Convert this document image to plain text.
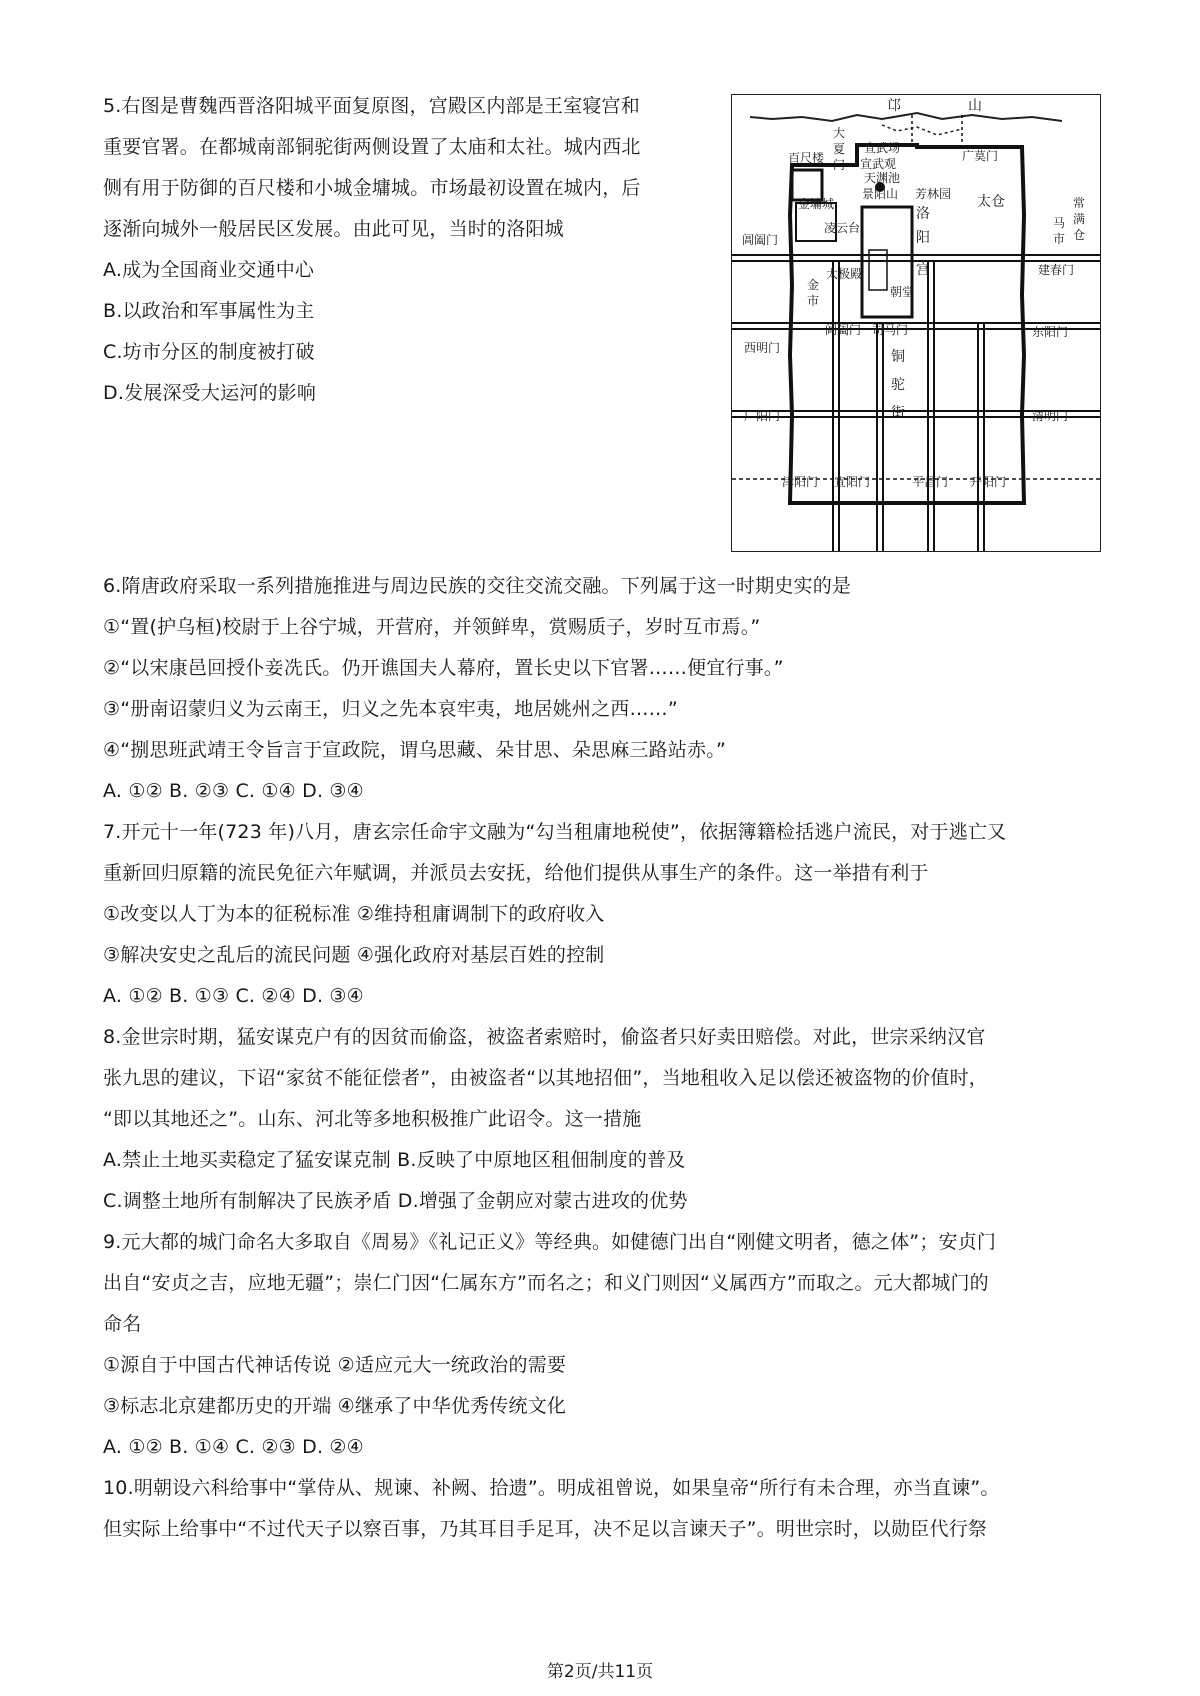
5.右图是曹魏西晋洛阳城平面复原图，宫殿区内部是王室寝宫和
重要官署。在都城南部铜驼街两侧设置了太庙和太社。城内西北
侧有用于防御的百尺楼和小城金墉城。市场最初设置在城内，后
逐渐向城外一般居民区发展。由此可见，当时的洛阳城
A.成为全国商业交通中心
B.以政治和军事属性为主
C.坊市分区的制度被打破
D.发展深受大运河的影响
邙	山
百尺楼
大夏门
宣武场
宣武观
广莫门
天渊池
景阳山 芳林园
金墉城	太仓	常满仓
马市
洛
阳
宫
凌云台
阊阖门
建春门
太极殿
朝堂
金市
阊阖门 司马门
西明门
东阳门
铜驼街
广阳门	清明门
津阳门 宣阳门	平昌门 开阳门
6.隋唐政府采取一系列措施推进与周边民族的交往交流交融。下列属于这一时期史实的是
①“置(护乌桓)校尉于上谷宁城，开营府，并领鲜卑，赏赐质子，岁时互市焉。”
②“以宋康邑回授仆妾冼氏。仍开谯国夫人幕府，置长史以下官署……便宜行事。”
③“册南诏蒙归义为云南王，归义之先本哀牢夷，地居姚州之西……”
④“捌思班武靖王令旨言于宣政院，谓乌思藏、朵甘思、朵思麻三路站赤。”
A. ①② B. ②③ C. ①④ D. ③④
7.开元十一年(723 年)八月，唐玄宗任命宇文融为“勾当租庸地税使”，依据簿籍检括逃户流民，对于逃亡又
重新回归原籍的流民免征六年赋调，并派员去安抚，给他们提供从事生产的条件。这一举措有利于
①改变以人丁为本的征税标准 ②维持租庸调制下的政府收入
③解决安史之乱后的流民问题 ④强化政府对基层百姓的控制
A. ①② B. ①③ C. ②④ D. ③④
8.金世宗时期，猛安谋克户有的因贫而偷盗，被盗者索赔时，偷盗者只好卖田赔偿。对此，世宗采纳汉官
张九思的建议，下诏“家贫不能征偿者”，由被盗者“以其地招佃”，当地租收入足以偿还被盗物的价值时，
“即以其地还之”。山东、河北等多地积极推广此诏令。这一措施
A.禁止土地买卖稳定了猛安谋克制 B.反映了中原地区租佃制度的普及
C.调整土地所有制解决了民族矛盾 D.增强了金朝应对蒙古进攻的优势
9.元大都的城门命名大多取自《周易》《礼记正义》等经典。如健德门出自“刚健文明者，德之体”；安贞门
出自“安贞之吉，应地无疆”；崇仁门因“仁属东方”而名之；和义门则因“义属西方”而取之。元大都城门的
命名
①源自于中国古代神话传说 ②适应元大一统政治的需要
③标志北京建都历史的开端 ④继承了中华优秀传统文化
A. ①② B. ①④ C. ②③ D. ②④
10.明朝设六科给事中“掌侍从、规谏、补阙、拾遗”。明成祖曾说，如果皇帝“所行有未合理，亦当直谏”。
但实际上给事中“不过代天子以察百事，乃其耳目手足耳，决不足以言谏天子”。明世宗时，以勋臣代行祭
第2页/共11页
